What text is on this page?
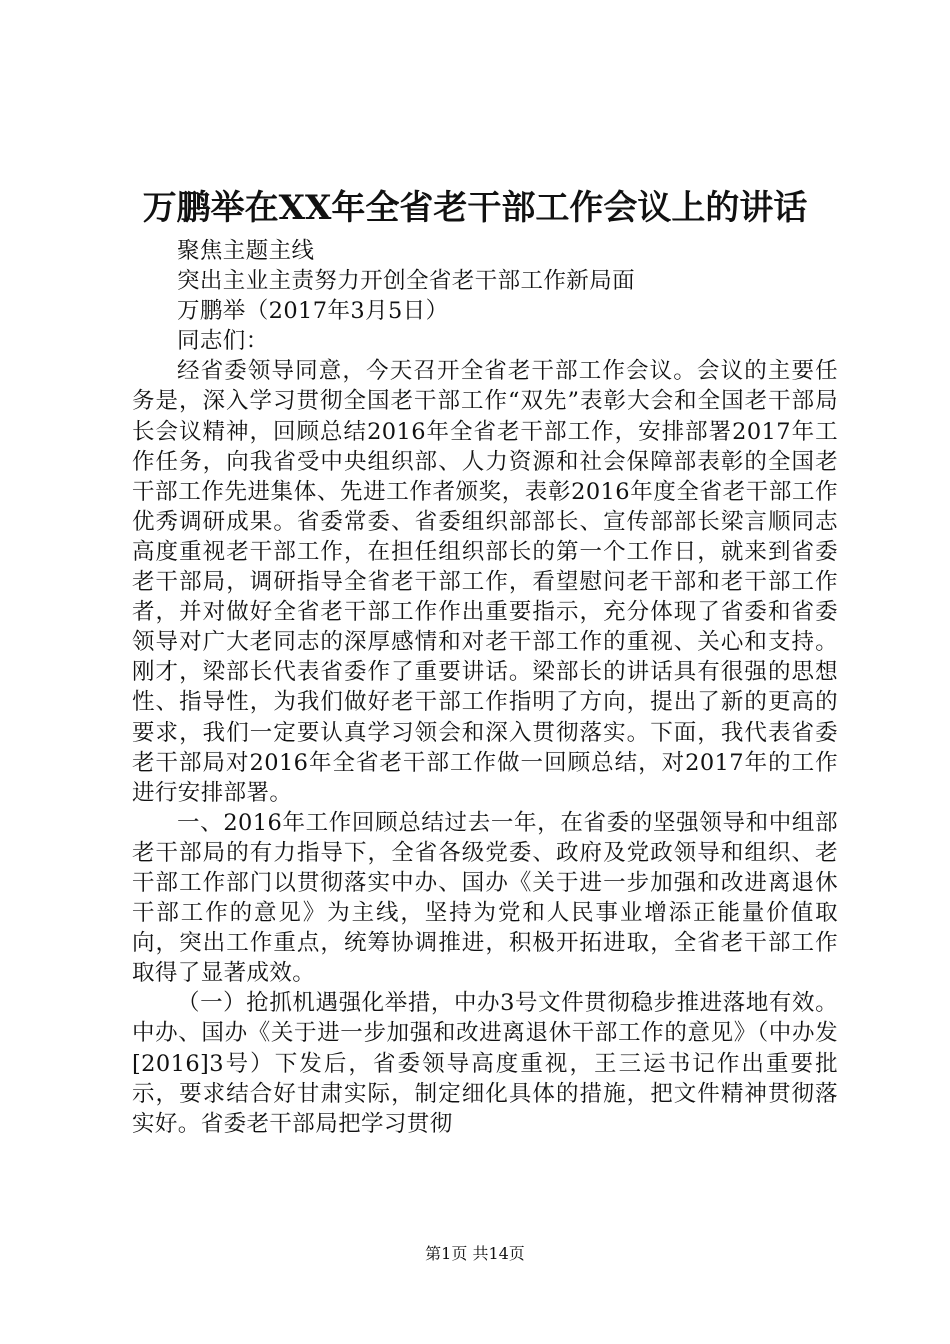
万鹏举在XX年全省老干部工作会议上的讲话

聚焦主题主线

突出主业主责努力开创全省老干部工作新局面

万鹏举（2017年3月5日）

同志们：

经省委领导同意，今天召开全省老干部工作会议。会议的主要任务是，深入学习贯彻全国老干部工作“双先”表彰大会和全国老干部局长会议精神，回顾总结2016年全省老干部工作，安排部署2017年工作任务，向我省受中央组织部、人力资源和社会保障部表彰的全国老干部工作先进集体、先进工作者颁奖，表彰2016年度全省老干部工作优秀调研成果。省委常委、省委组织部部长、宣传部部长梁言顺同志高度重视老干部工作，在担任组织部长的第一个工作日，就来到省委老干部局，调研指导全省老干部工作，看望慰问老干部和老干部工作者，并对做好全省老干部工作作出重要指示，充分体现了省委和省委领导对广大老同志的深厚感情和对老干部工作的重视、关心和支持。刚才，梁部长代表省委作了重要讲话。梁部长的讲话具有很强的思想性、指导性，为我们做好老干部工作指明了方向，提出了新的更高的要求，我们一定要认真学习领会和深入贯彻落实。下面，我代表省委老干部局对2016年全省老干部工作做一回顾总结，对2017年的工作进行安排部署。

一、2016年工作回顾总结过去一年，在省委的坚强领导和中组部老干部局的有力指导下，全省各级党委、政府及党政领导和组织、老干部工作部门以贯彻落实中办、国办《关于进一步加强和改进离退休干部工作的意见》为主线，坚持为党和人民事业增添正能量价值取向，突出工作重点，统筹协调推进，积极开拓进取，全省老干部工作取得了显著成效。

（一）抢抓机遇强化举措，中办3号文件贯彻稳步推进落地有效。中办、国办《关于进一步加强和改进离退休干部工作的意见》（中办发[2016]3号）下发后，省委领导高度重视，王三运书记作出重要批示，要求结合好甘肃实际，制定细化具体的措施，把文件精神贯彻落实好。省委老干部局把学习贯彻

第1页 共14页
